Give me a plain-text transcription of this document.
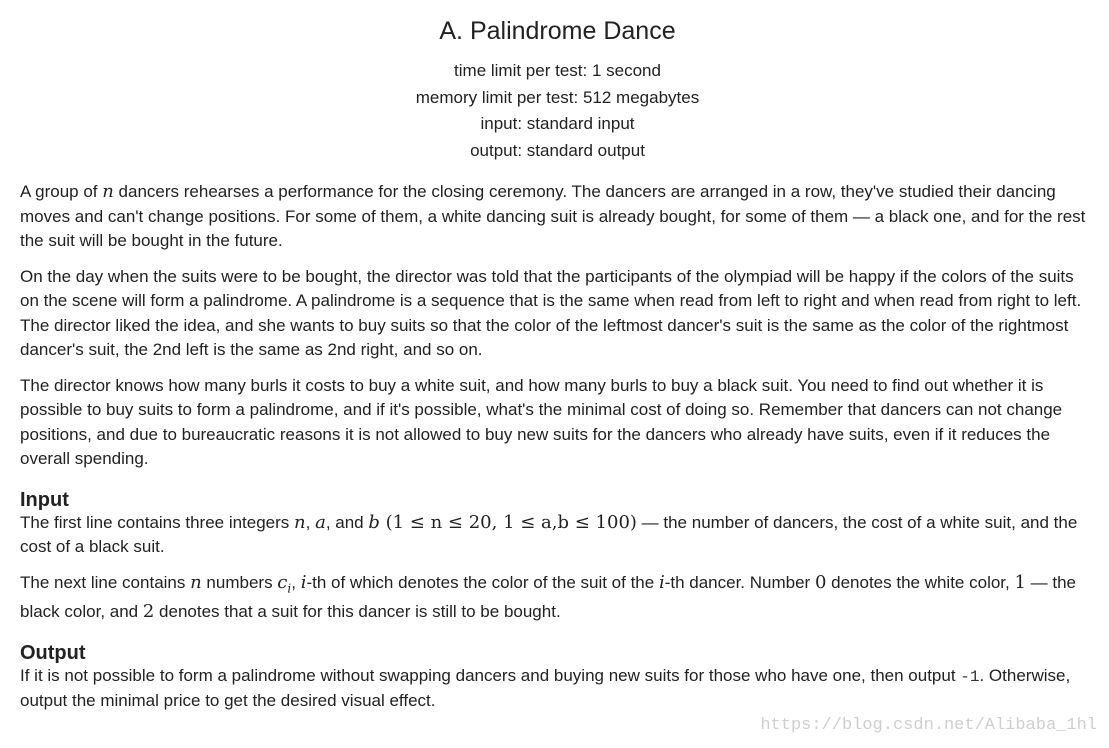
A. Palindrome Dance
time limit per test: 1 second
memory limit per test: 512 megabytes
input: standard input
output: standard output

A group of n dancers rehearses a performance for the closing ceremony. The dancers are arranged in a row, they've studied their dancing moves and can't change positions. For some of them, a white dancing suit is already bought, for some of them — a black one, and for the rest the suit will be bought in the future.

On the day when the suits were to be bought, the director was told that the participants of the olympiad will be happy if the colors of the suits on the scene will form a palindrome. A palindrome is a sequence that is the same when read from left to right and when read from right to left. The director liked the idea, and she wants to buy suits so that the color of the leftmost dancer's suit is the same as the color of the rightmost dancer's suit, the 2nd left is the same as 2nd right, and so on.

The director knows how many burls it costs to buy a white suit, and how many burls to buy a black suit. You need to find out whether it is possible to buy suits to form a palindrome, and if it's possible, what's the minimal cost of doing so. Remember that dancers can not change positions, and due to bureaucratic reasons it is not allowed to buy new suits for the dancers who already have suits, even if it reduces the overall spending.

Input

The first line contains three integers n, a, and b (1 ≤ n ≤ 20, 1 ≤ a,b ≤ 100) — the number of dancers, the cost of a white suit, and the cost of a black suit.

The next line contains n numbers $c_i$, i-th of which denotes the color of the suit of the i-th dancer. Number 0 denotes the white color, 1 — the black color, and 2 denotes that a suit for this dancer is still to be bought.

Output

If it is not possible to form a palindrome without swapping dancers and buying new suits for those who have one, then output -1. Otherwise, output the minimal price to get the desired visual effect.

https://blog.csdn.net/Alibaba_1hl
